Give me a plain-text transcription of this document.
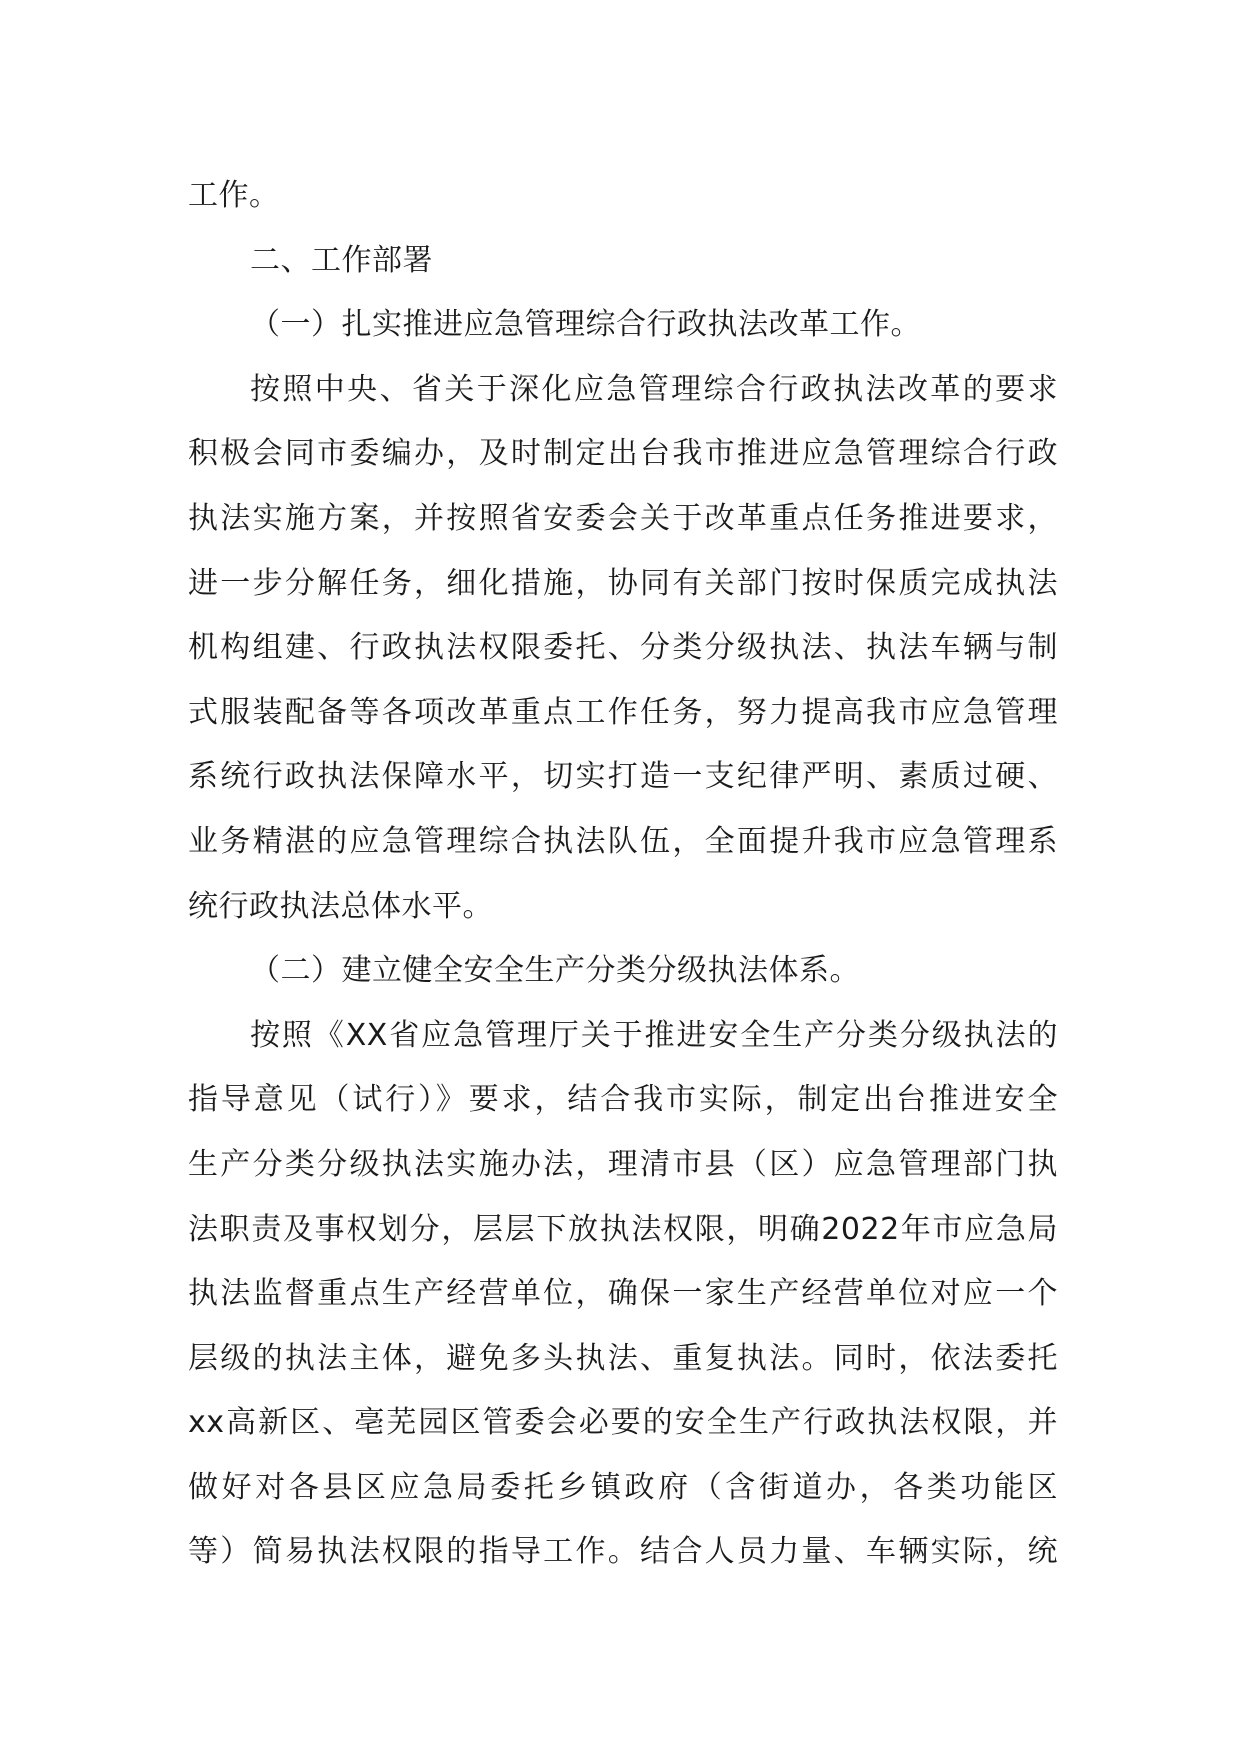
工作。
二、工作部署
（一）扎实推进应急管理综合行政执法改革工作。
按照中央、省关于深化应急管理综合行政执法改革的要求
积极会同市委编办，及时制定出台我市推进应急管理综合行政
执法实施方案，并按照省安委会关于改革重点任务推进要求，
进一步分解任务，细化措施，协同有关部门按时保质完成执法
机构组建、行政执法权限委托、分类分级执法、执法车辆与制
式服装配备等各项改革重点工作任务，努力提高我市应急管理
系统行政执法保障水平，切实打造一支纪律严明、素质过硬、
业务精湛的应急管理综合执法队伍，全面提升我市应急管理系
统行政执法总体水平。
（二）建立健全安全生产分类分级执法体系。
按照《XX省应急管理厅关于推进安全生产分类分级执法的
指导意见（试行）》要求，结合我市实际，制定出台推进安全
生产分类分级执法实施办法，理清市县（区）应急管理部门执
法职责及事权划分，层层下放执法权限，明确2022年市应急局
执法监督重点生产经营单位，确保一家生产经营单位对应一个
层级的执法主体，避免多头执法、重复执法。同时，依法委托
xx高新区、亳芜园区管委会必要的安全生产行政执法权限，并
做好对各县区应急局委托乡镇政府（含街道办，各类功能区
等）简易执法权限的指导工作。结合人员力量、车辆实际，统
